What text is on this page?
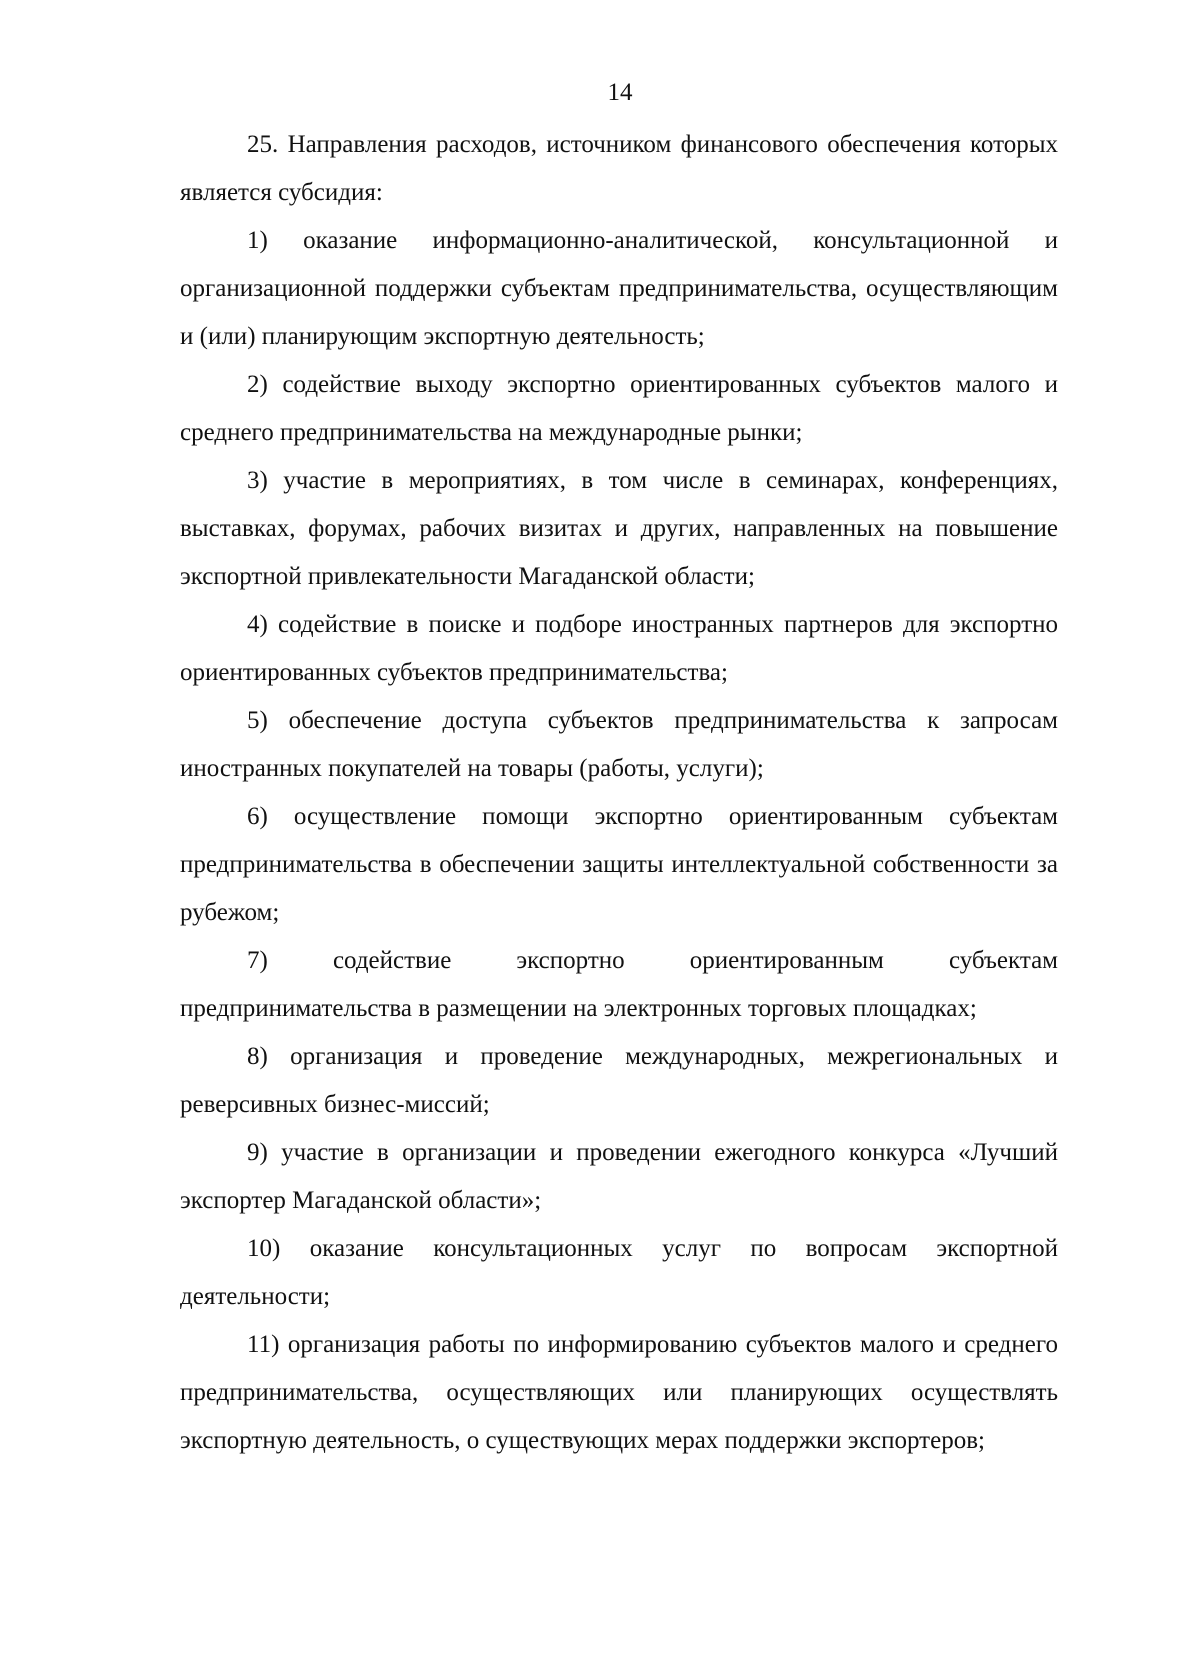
14

25. Направления расходов, источником финансового обеспечения которых является субсидия:

1) оказание информационно-аналитической, консультационной и организационной поддержки субъектам предпринимательства, осуществляющим и (или) планирующим экспортную деятельность;

2) содействие выходу экспортно ориентированных субъектов малого и среднего предпринимательства на международные рынки;

3) участие в мероприятиях, в том числе в семинарах, конференциях, выставках, форумах, рабочих визитах и других, направленных на повышение экспортной привлекательности Магаданской области;

4) содействие в поиске и подборе иностранных партнеров для экспортно ориентированных субъектов предпринимательства;

5) обеспечение доступа субъектов предпринимательства к запросам иностранных покупателей на товары (работы, услуги);

6) осуществление помощи экспортно ориентированным субъектам предпринимательства в обеспечении защиты интеллектуальной собственности за рубежом;

7) содействие экспортно ориентированным субъектам предпринимательства в размещении на электронных торговых площадках;

8) организация и проведение международных, межрегиональных и реверсивных бизнес-миссий;

9) участие в организации и проведении ежегодного конкурса «Лучший экспортер Магаданской области»;

10) оказание консультационных услуг по вопросам экспортной деятельности;

11) организация работы по информированию субъектов малого и среднего предпринимательства, осуществляющих или планирующих осуществлять экспортную деятельность, о существующих мерах поддержки экспортеров;
